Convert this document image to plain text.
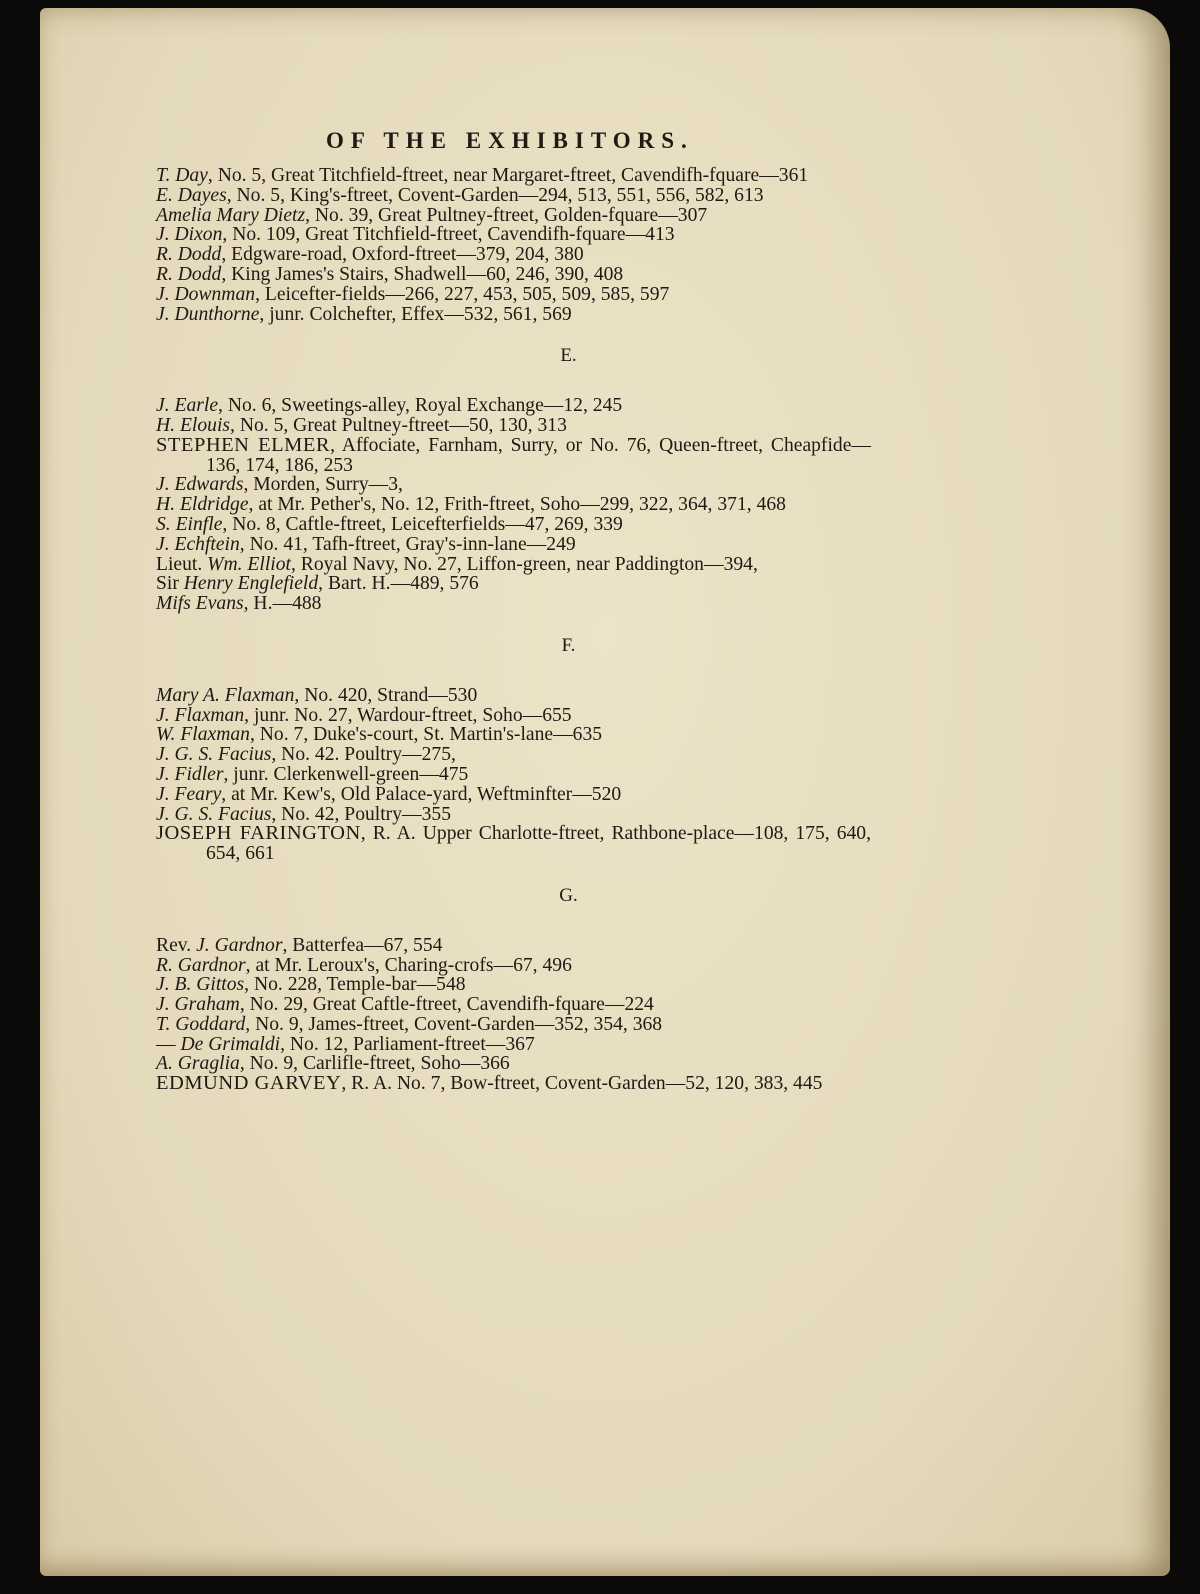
OF THE EXHIBITORS.

T. Day, No. 5, Great Titchfield-ftreet, near Margaret-ftreet, Cavendifh-fquare—361

E. Dayes, No. 5, King's-ftreet, Covent-Garden—294, 513, 551, 556, 582, 613

Amelia Mary Dietz, No. 39, Great Pultney-ftreet, Golden-fquare—307

J. Dixon, No. 109, Great Titchfield-ftreet, Cavendifh-fquare—413

R. Dodd, Edgware-road, Oxford-ftreet—379, 204, 380

R. Dodd, King James's Stairs, Shadwell—60, 246, 390, 408

J. Downman, Leicefter-fields—266, 227, 453, 505, 509, 585, 597

J. Dunthorne, junr. Colchefter, Effex—532, 561, 569

E.

J. Earle, No. 6, Sweetings-alley, Royal Exchange—12, 245

H. Elouis, No. 5, Great Pultney-ftreet—50, 130, 313

STEPHEN ELMER, Affociate, Farnham, Surry, or No. 76, Queen-ftreet, Cheapfide—136, 174, 186, 253

J. Edwards, Morden, Surry—3,

H. Eldridge, at Mr. Pether's, No. 12, Frith-ftreet, Soho—299, 322, 364, 371, 468

S. Einfle, No. 8, Caftle-ftreet, Leicefterfields—47, 269, 339

J. Echftein, No. 41, Tafh-ftreet, Gray's-inn-lane—249

Lieut. Wm. Elliot, Royal Navy, No. 27, Liffon-green, near Paddington—394,

Sir Henry Englefield, Bart. H.—489, 576

Mifs Evans, H.—488

F.

Mary A. Flaxman, No. 420, Strand—530

J. Flaxman, junr. No. 27, Wardour-ftreet, Soho—655

W. Flaxman, No. 7, Duke's-court, St. Martin's-lane—635

J. G. S. Facius, No. 42. Poultry—275,

J. Fidler, junr. Clerkenwell-green—475

J. Feary, at Mr. Kew's, Old Palace-yard, Weftminfter—520

J. G. S. Facius, No. 42, Poultry—355

JOSEPH FARINGTON, R. A. Upper Charlotte-ftreet, Rathbone-place—108, 175, 640, 654, 661

G.

Rev. J. Gardnor, Batterfea—67, 554

R. Gardnor, at Mr. Leroux's, Charing-crofs—67, 496

J. B. Gittos, No. 228, Temple-bar—548

J. Graham, No. 29, Great Caftle-ftreet, Cavendifh-fquare—224

T. Goddard, No. 9, James-ftreet, Covent-Garden—352, 354, 368

— De Grimaldi, No. 12, Parliament-ftreet—367

A. Graglia, No. 9, Carlifle-ftreet, Soho—366

EDMUND GARVEY, R. A. No. 7, Bow-ftreet, Covent-Garden—52, 120, 383, 445
